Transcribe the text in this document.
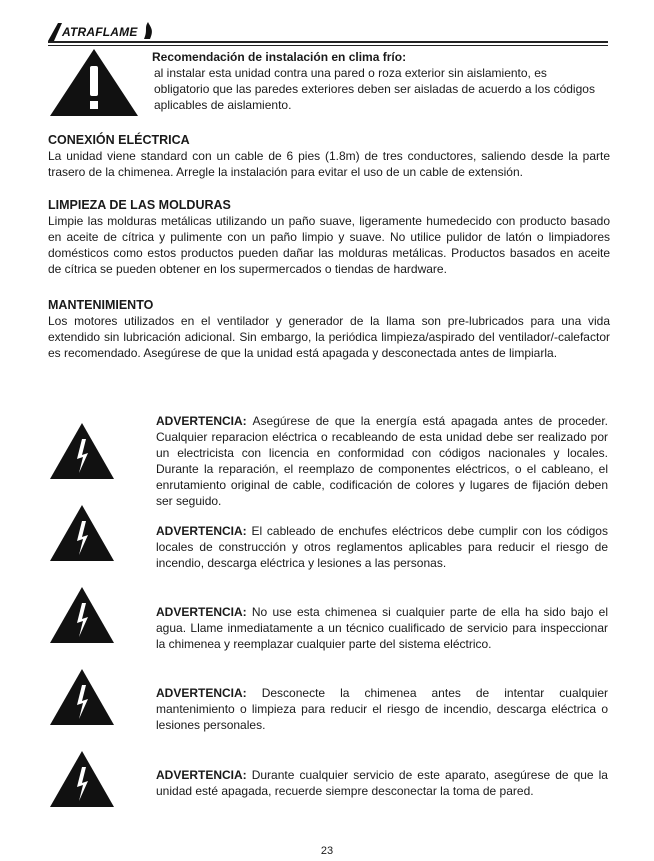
ATRAFLAME
Recomendación de instalación en clima frío:
al instalar esta unidad contra una pared o roza exterior sin aislamiento, es obligatorio que las paredes exteriores deben ser aisladas de acuerdo a los códigos aplicables de aislamiento.

CONEXIÓN ELÉCTRICA

La unidad viene standard con un cable de 6 pies (1.8m) de tres conductores, saliendo desde la parte trasero de la chimenea. Arregle la instalación para evitar el uso de un cable de extensión.

LIMPIEZA DE LAS MOLDURAS

Limpie las molduras metálicas utilizando un paño suave, ligeramente humedecido con producto basado en aceite de cítrica y pulimente con un paño limpio y suave. No utilice pulidor de latón o limpiadores domésticos como estos productos pueden dañar las molduras metálicas. Productos basados en aceite de cítrica se pueden obtener en los supermercados o tiendas de hardware.

MANTENIMIENTO

Los motores utilizados en el ventilador y generador de la llama son pre-lubricados para una vida extendido sin lubricación adicional. Sin embargo, la periódica limpieza/aspirado del ventilador/-calefactor es recomendado. Asegúrese de que la unidad está apagada y desconectada antes de limpiarla.

ADVERTENCIA: Asegúrese de que la energía está apagada antes de proceder. Cualquier reparacion eléctrica o recableando de esta unidad debe ser realizado por un electricista con licencia en conformidad con códigos nacionales y locales. Durante la reparación, el reemplazo de componentes eléctricos, o el cableano, el enrutamiento original de cable, codificación de colores y lugares de fijación deben ser seguido.

ADVERTENCIA: El cableado de enchufes eléctricos debe cumplir con los códigos locales de construcción y otros reglamentos aplicables para reducir el riesgo de incendio, descarga eléctrica y lesiones a las personas.

ADVERTENCIA: No use esta chimenea si cualquier parte de ella ha sido bajo el agua. Llame inmediatamente a un técnico cualificado de servicio para inspeccionar la chimenea y reemplazar cualquier parte del sistema eléctrico.

ADVERTENCIA: Desconecte la chimenea antes de intentar cualquier mantenimiento o limpieza para reducir el riesgo de incendio, descarga eléctrica o lesiones personales.

ADVERTENCIA: Durante cualquier servicio de este aparato, asegúrese de que la unidad esté apagada, recuerde siempre desconectar la toma de pared.

23
